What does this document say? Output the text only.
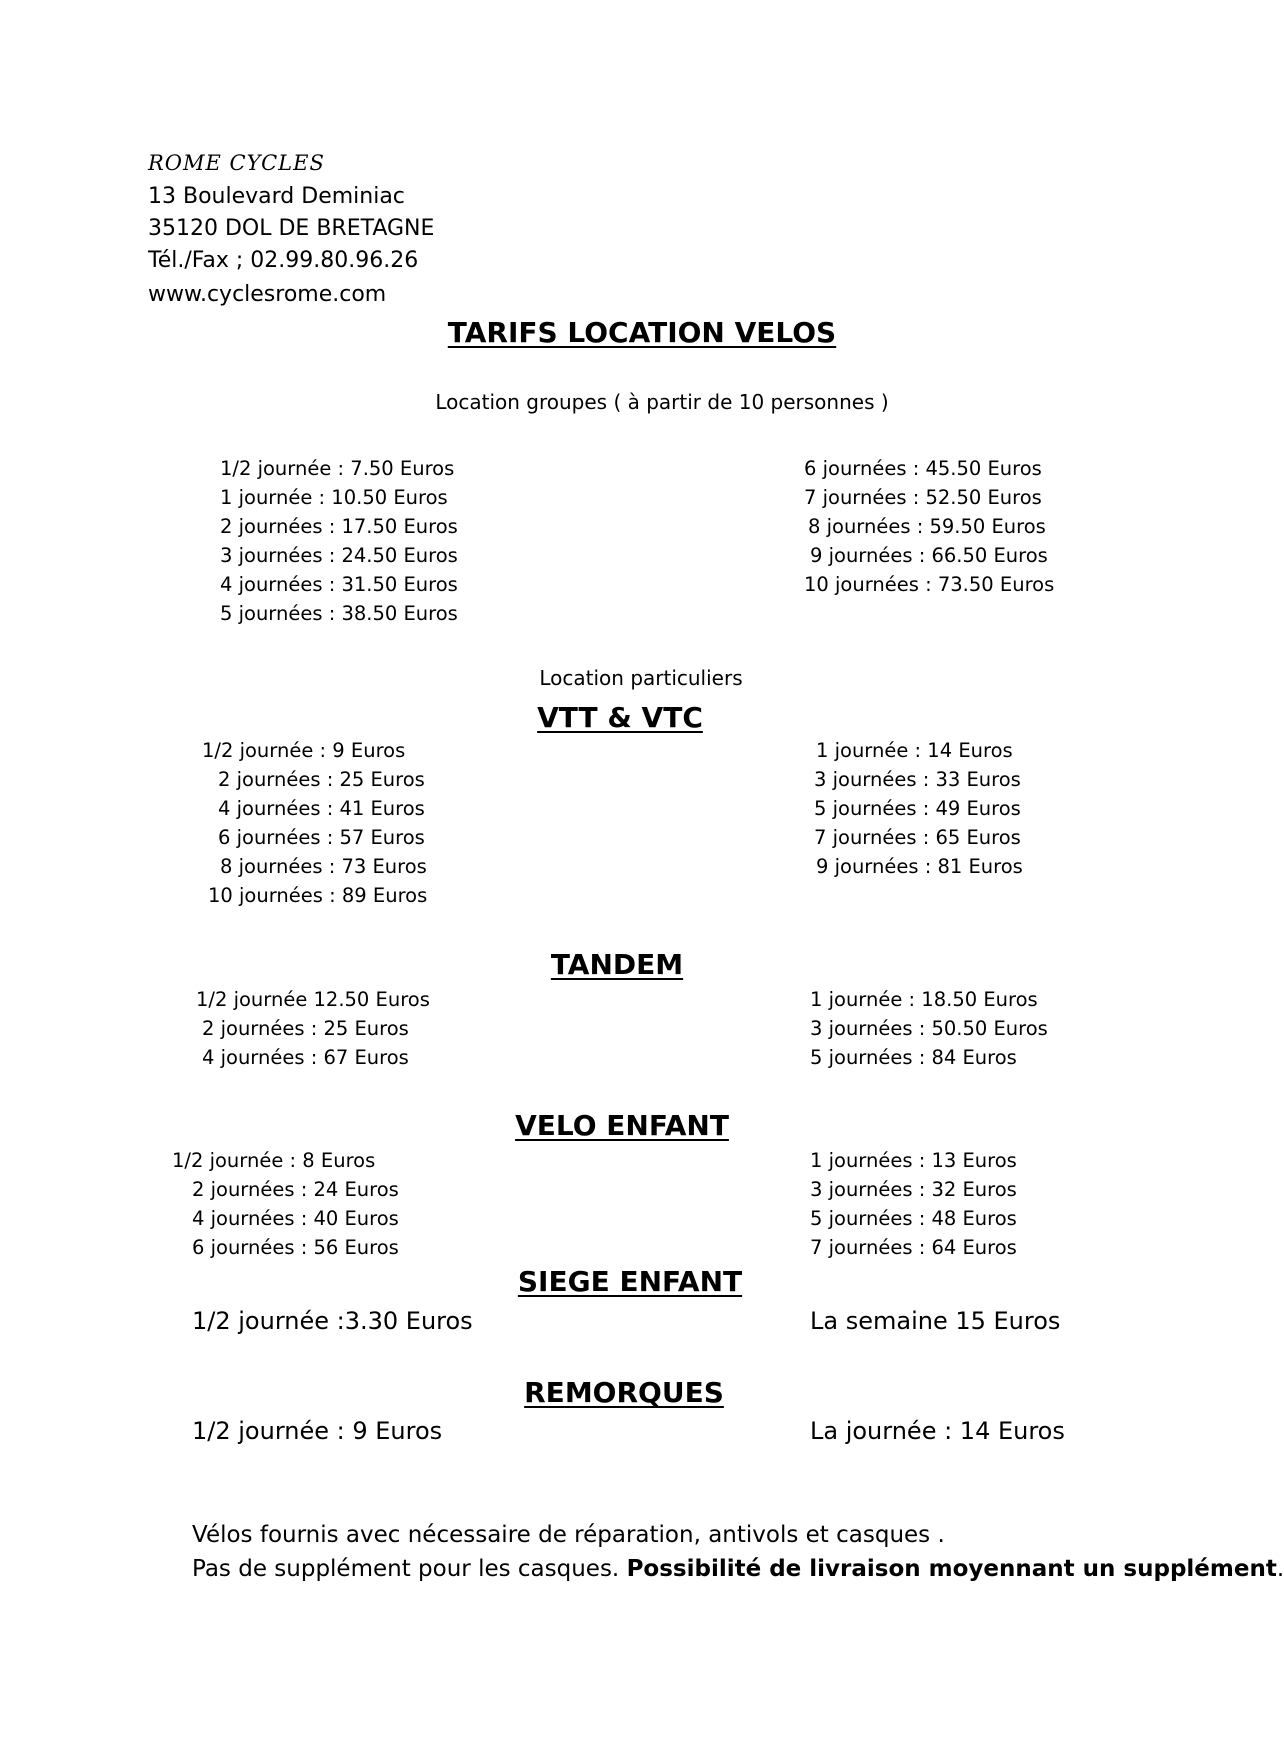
ROME CYCLES
13 Boulevard Deminiac
35120 DOL DE BRETAGNE
Tél./Fax ; 02.99.80.96.26
www.cyclesrome.com
TARIFS LOCATION VELOS
Location groupes ( à partir de 10 personnes )
1/2 journée : 7.50 Euros
1 journée : 10.50 Euros
2 journées : 17.50 Euros
3 journées : 24.50 Euros
4 journées : 31.50 Euros
5 journées : 38.50 Euros
6 journées : 45.50 Euros
7 journées : 52.50 Euros
8 journées : 59.50 Euros
9 journées : 66.50 Euros
10 journées : 73.50 Euros
Location particuliers
VTT & VTC
1/2 journée : 9 Euros
2 journées : 25 Euros
4 journées : 41 Euros
6 journées : 57 Euros
8 journées : 73 Euros
10 journées : 89 Euros
1 journée : 14 Euros
3 journées : 33 Euros
5 journées : 49 Euros
7 journées : 65 Euros
9 journées : 81 Euros
TANDEM
1/2 journée 12.50 Euros
2 journées : 25 Euros
4 journées : 67 Euros
1 journée : 18.50 Euros
3 journées : 50.50 Euros
5 journées : 84 Euros
VELO ENFANT
1/2 journée : 8 Euros
2 journées : 24 Euros
4 journées : 40 Euros
6 journées : 56 Euros
1 journées : 13 Euros
3 journées : 32 Euros
5 journées : 48 Euros
7 journées : 64 Euros
SIEGE ENFANT
1/2 journée :3.30 Euros	La semaine 15 Euros
REMORQUES
1/2 journée : 9 Euros	La journée : 14 Euros
Vélos fournis avec nécessaire de réparation, antivols et casques .
Pas de supplément pour les casques. Possibilité de livraison moyennant un supplément.
